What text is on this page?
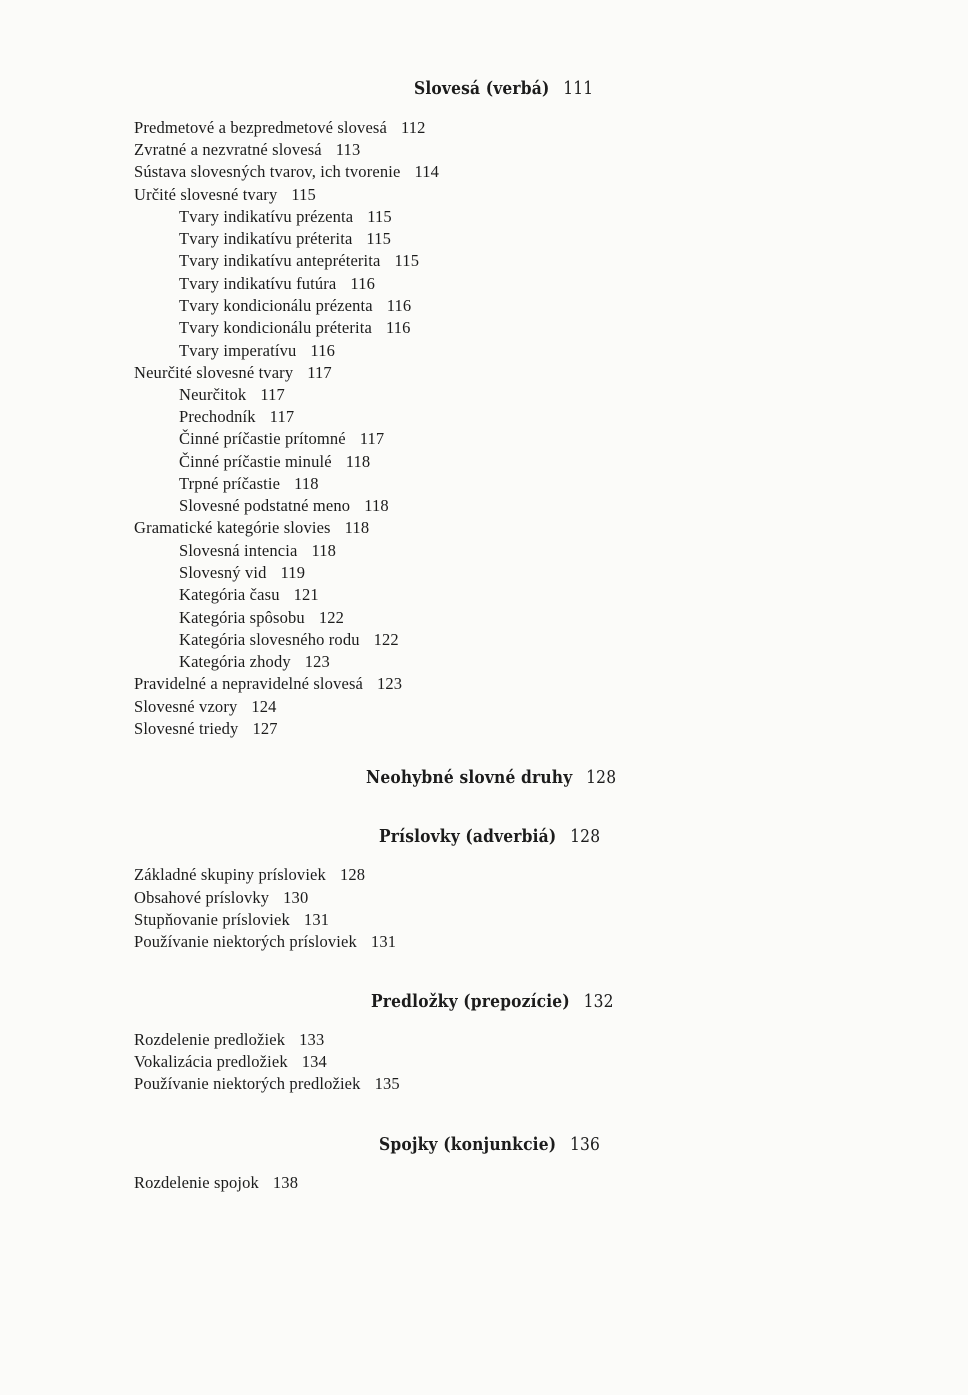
Slovesá (verbá) 111
Predmetové a bezpredmetové slovesá 112
Zvratné a nezvratné slovesá 113
Sústava slovesných tvarov, ich tvorenie 114
Určité slovesné tvary 115
Tvary indikatívu prézenta 115
Tvary indikatívu préterita 115
Tvary indikatívu antepréterita 115
Tvary indikatívu futúra 116
Tvary kondicionálu prézenta 116
Tvary kondicionálu préterita 116
Tvary imperatívu 116
Neurčité slovesné tvary 117
Neurčitok 117
Prechodník 117
Činné príčastie prítomné 117
Činné príčastie minulé 118
Trpné príčastie 118
Slovesné podstatné meno 118
Gramatické kategórie slovies 118
Slovesná intencia 118
Slovesný vid 119
Kategória času 121
Kategória spôsobu 122
Kategória slovesného rodu 122
Kategória zhody 123
Pravidelné a nepravidelné slovesá 123
Slovesné vzory 124
Slovesné triedy 127
Neohybné slovné druhy 128
Príslovky (adverbiá) 128
Základné skupiny prísloviek 128
Obsahové príslovky 130
Stupňovanie prísloviek 131
Používanie niektorých prísloviek 131
Predložky (prepozície) 132
Rozdelenie predložiek 133
Vokalizácia predložiek 134
Používanie niektorých predložiek 135
Spojky (konjunkcie) 136
Rozdelenie spojok 138
